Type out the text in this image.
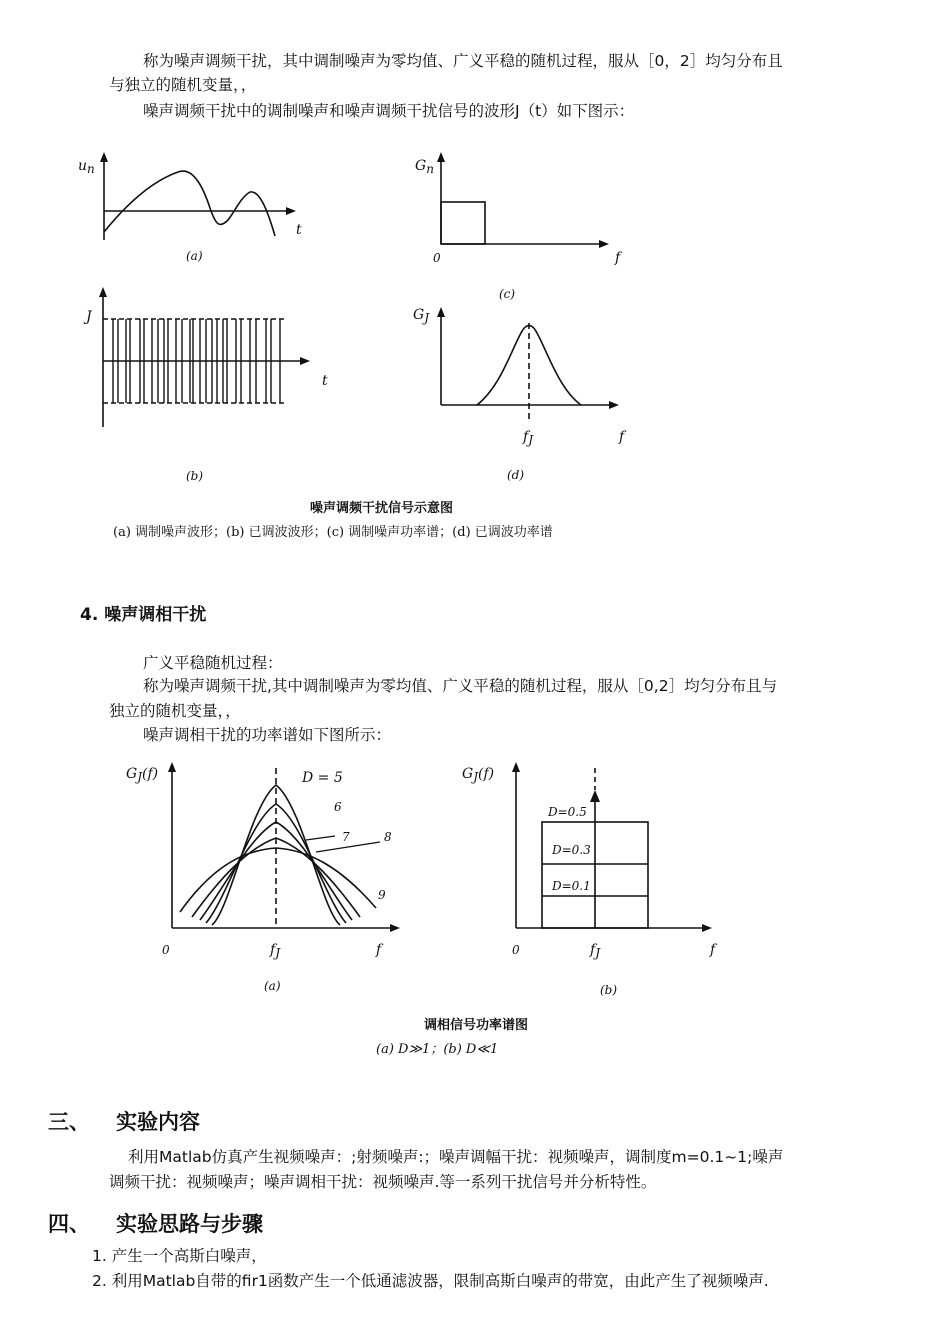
称为噪声调频干扰，其中调制噪声为零均值、广义平稳的随机过程，服从［0，2］均匀分布且
与独立的随机变量，，
噪声调频干扰中的调制噪声和噪声调频干扰信号的波形J（t）如下图示：
un
t
(a)
Gn
0	f
(c)
J
t
(b)
GJ
fJ	f
(d)
噪声调频干扰信号示意图
(a) 调制噪声波形；(b) 已调波波形；(c) 调制噪声功率谱；(d) 已调波功率谱
4. 噪声调相干扰
广义平稳随机过程：
称为噪声调频干扰,其中调制噪声为零均值、广义平稳的随机过程，服从［0,2］均匀分布且与
独立的随机变量，，
噪声调相干扰的功率谱如下图所示：
GJ(f)	D = 5
6
7	8
9
0	fJ	f
(a)
GJ(f)
D=0.5
D=0.3
D=0.1
0	fJ	f
(b)
调相信号功率谱图
(a) D≫1；(b) D≪1
三、 实验内容
利用Matlab仿真产生视频噪声：;射频噪声:；噪声调幅干扰：视频噪声，调制度m=0.1~1;噪声
调频干扰：视频噪声；噪声调相干扰：视频噪声.等一系列干扰信号并分析特性。
四、 实验思路与步骤
1. 产生一个高斯白噪声，
2. 利用Matlab自带的fir1函数产生一个低通滤波器，限制高斯白噪声的带宽，由此产生了视频噪声.
